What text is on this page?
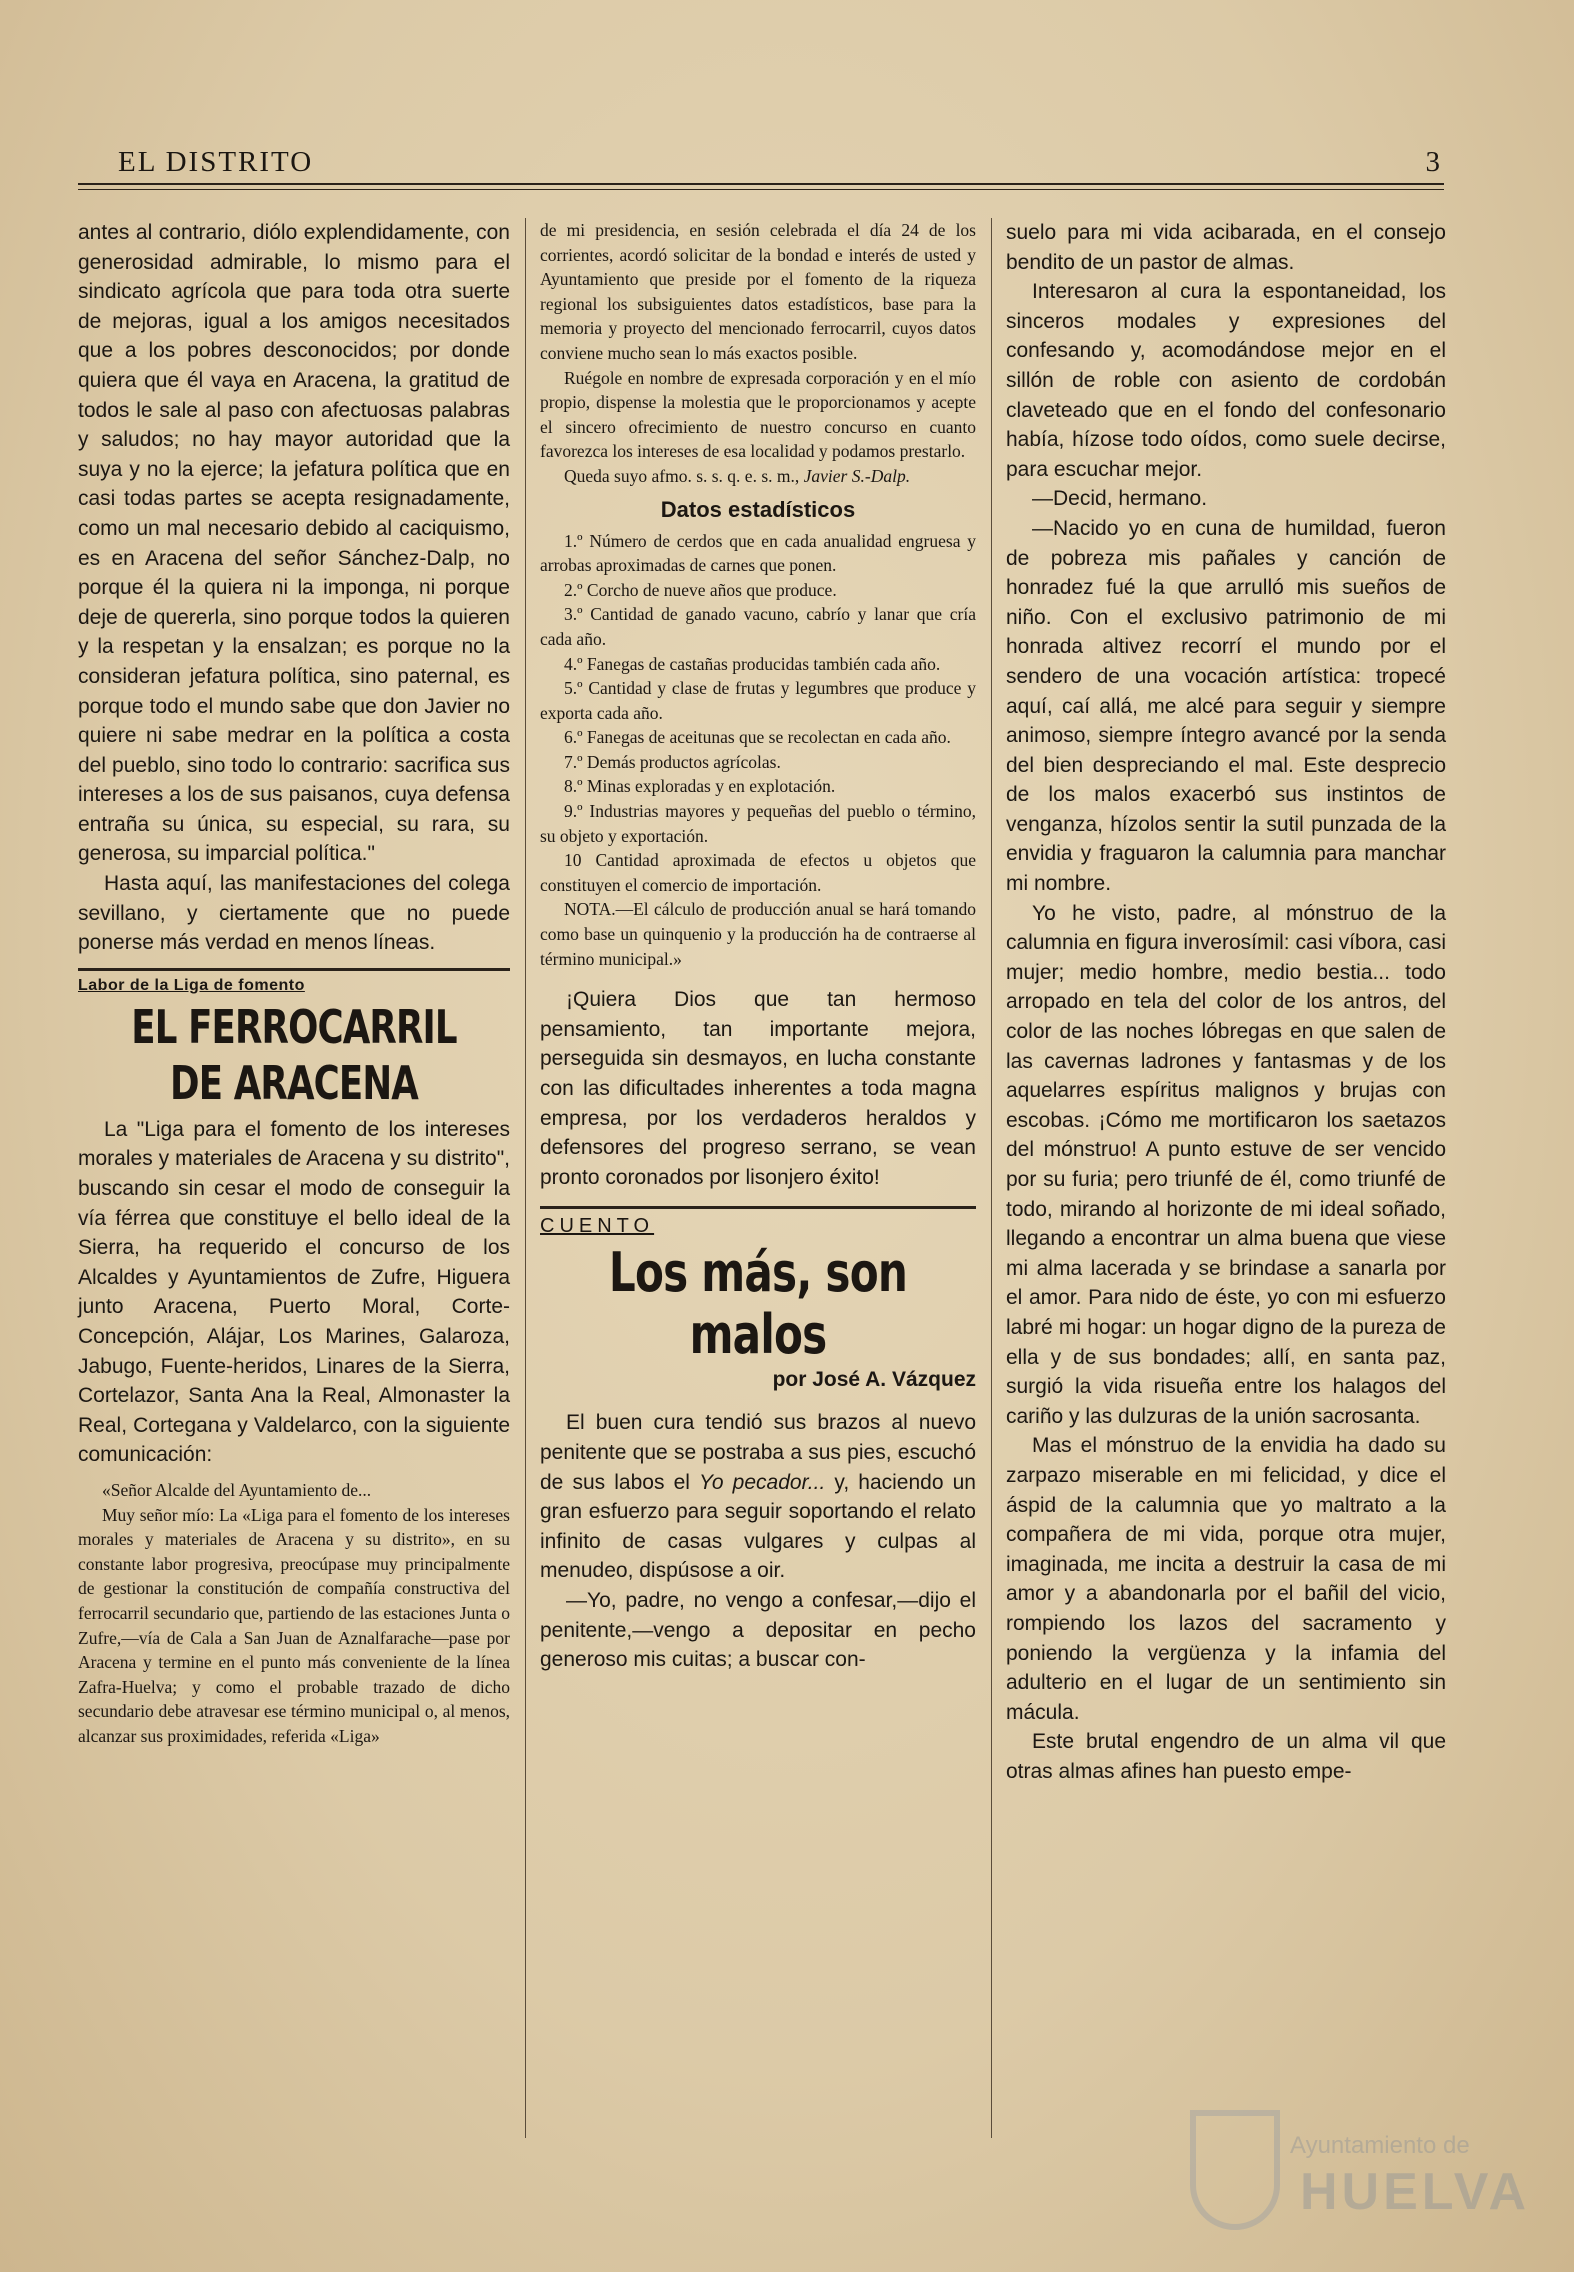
EL DISTRITO	3

antes al contrario, diólo explendidamente, con generosidad admirable, lo mismo para el sindicato agrícola que para toda otra suerte de mejoras, igual a los amigos necesitados que a los pobres desconocidos; por donde quiera que él vaya en Aracena, la gratitud de todos le sale al paso con afectuosas palabras y saludos; no hay mayor autoridad que la suya y no la ejerce; la jefatura política que en casi todas partes se acepta resignadamente, como un mal necesario debido al caciquismo, es en Aracena del señor Sánchez-Dalp, no porque él la quiera ni la imponga, ni porque deje de quererla, sino porque todos la quieren y la respetan y la ensalzan; es porque no la consideran jefatura política, sino paternal, es porque todo el mundo sabe que don Javier no quiere ni sabe medrar en la política a costa del pueblo, sino todo lo contrario: sacrifica sus intereses a los de sus paisanos, cuya defensa entraña su única, su especial, su rara, su generosa, su imparcial política."

Hasta aquí, las manifestaciones del colega sevillano, y ciertamente que no puede ponerse más verdad en menos líneas.

Labor de la Liga de fomento
EL FERROCARRIL DE ARACENA

La "Liga para el fomento de los intereses morales y materiales de Aracena y su distrito", buscando sin cesar el modo de conseguir la vía férrea que constituye el bello ideal de la Sierra, ha requerido el concurso de los Alcaldes y Ayuntamientos de Zufre, Higuera junto Aracena, Puerto Moral, Corte-Concepción, Alájar, Los Marines, Galaroza, Jabugo, Fuente-heridos, Linares de la Sierra, Cortelazor, Santa Ana la Real, Almonaster la Real, Cortegana y Valdelarco, con la siguiente comunicación:

«Señor Alcalde del Ayuntamiento de...

Muy señor mío: La «Liga para el fomento de los intereses morales y materiales de Aracena y su distrito», en su constante labor progresiva, preocúpase muy principalmente de gestionar la constitución de compañía constructiva del ferrocarril secundario que, partiendo de las estaciones Junta o Zufre,—vía de Cala a San Juan de Aznalfarache—pase por Aracena y termine en el punto más conveniente de la línea Zafra-Huelva; y como el probable trazado de dicho secundario debe atravesar ese término municipal o, al menos, alcanzar sus proximidades, referida «Liga»

de mi presidencia, en sesión celebrada el día 24 de los corrientes, acordó solicitar de la bondad e interés de usted y Ayuntamiento que preside por el fomento de la riqueza regional los subsiguientes datos estadísticos, base para la memoria y proyecto del mencionado ferrocarril, cuyos datos conviene mucho sean lo más exactos posible.

Ruégole en nombre de expresada corporación y en el mío propio, dispense la molestia que le proporcionamos y acepte el sincero ofrecimiento de nuestro concurso en cuanto favorezca los intereses de esa localidad y podamos prestarlo.

Queda suyo afmo. s. s. q. e. s. m., Javier S.-Dalp.

Datos estadísticos

1.º Número de cerdos que en cada anualidad engruesa y arrobas aproximadas de carnes que ponen.

2.º Corcho de nueve años que produce.

3.º Cantidad de ganado vacuno, cabrío y lanar que cría cada año.

4.º Fanegas de castañas producidas también cada año.

5.º Cantidad y clase de frutas y legumbres que produce y exporta cada año.

6.º Fanegas de aceitunas que se recolectan en cada año.

7.º Demás productos agrícolas.

8.º Minas exploradas y en explotación.

9.º Industrias mayores y pequeñas del pueblo o término, su objeto y exportación.

10 Cantidad aproximada de efectos u objetos que constituyen el comercio de importación.

NOTA.—El cálculo de producción anual se hará tomando como base un quinquenio y la producción ha de contraerse al término municipal.»

¡Quiera Dios que tan hermoso pensamiento, tan importante mejora, perseguida sin desmayos, en lucha constante con las dificultades inherentes a toda magna empresa, por los verdaderos heraldos y defensores del progreso serrano, se vean pronto coronados por lisonjero éxito!

CUENTO
Los más, son malos
por José A. Vázquez

El buen cura tendió sus brazos al nuevo penitente que se postraba a sus pies, escuchó de sus labos el Yo pecador... y, haciendo un gran esfuerzo para seguir soportando el relato infinito de casas vulgares y culpas al menudeo, dispúsose a oir.

—Yo, padre, no vengo a confesar,—dijo el penitente,—vengo a depositar en pecho generoso mis cuitas; a buscar con-

suelo para mi vida acibarada, en el consejo bendito de un pastor de almas.

Interesaron al cura la espontaneidad, los sinceros modales y expresiones del confesando y, acomodándose mejor en el sillón de roble con asiento de cordobán claveteado que en el fondo del confesonario había, hízose todo oídos, como suele decirse, para escuchar mejor.

—Decid, hermano.

—Nacido yo en cuna de humildad, fueron de pobreza mis pañales y canción de honradez fué la que arrulló mis sueños de niño. Con el exclusivo patrimonio de mi honrada altivez recorrí el mundo por el sendero de una vocación artística: tropecé aquí, caí allá, me alcé para seguir y siempre animoso, siempre íntegro avancé por la senda del bien despreciando el mal. Este desprecio de los malos exacerbó sus instintos de venganza, hízolos sentir la sutil punzada de la envidia y fraguaron la calumnia para manchar mi nombre.

Yo he visto, padre, al mónstruo de la calumnia en figura inverosímil: casi víbora, casi mujer; medio hombre, medio bestia... todo arropado en tela del color de los antros, del color de las noches lóbregas en que salen de las cavernas ladrones y fantasmas y de los aquelarres espíritus malignos y brujas con escobas. ¡Cómo me mortificaron los saetazos del mónstruo! A punto estuve de ser vencido por su furia; pero triunfé de él, como triunfé de todo, mirando al horizonte de mi ideal soñado, llegando a encontrar un alma buena que viese mi alma lacerada y se brindase a sanarla por el amor. Para nido de éste, yo con mi esfuerzo labré mi hogar: un hogar digno de la pureza de ella y de sus bondades; allí, en santa paz, surgió la vida risueña entre los halagos del cariño y las dulzuras de la unión sacrosanta.

Mas el mónstruo de la envidia ha dado su zarpazo miserable en mi felicidad, y dice el áspid de la calumnia que yo maltrato a la compañera de mi vida, porque otra mujer, imaginada, me incita a destruir la casa de mi amor y a abandonarla por el bañil del vicio, rompiendo los lazos del sacramento y poniendo la vergüenza y la infamia del adulterio en el lugar de un sentimiento sin mácula.

Este brutal engendro de un alma vil que otras almas afines han puesto empe-

Ayuntamiento de
HUELVA
